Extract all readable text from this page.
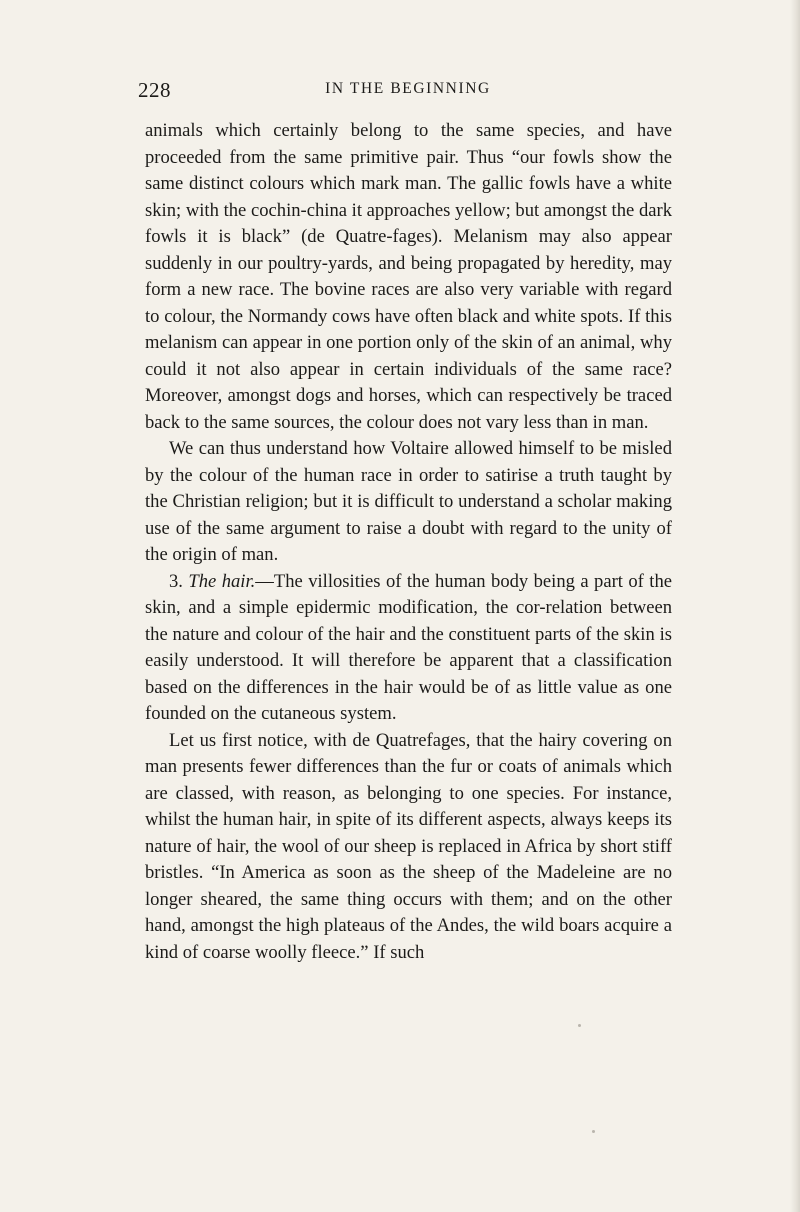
228	IN THE BEGINNING

animals which certainly belong to the same species, and have proceeded from the same primitive pair. Thus “our fowls show the same distinct colours which mark man. The gallic fowls have a white skin; with the cochin-china it approaches yellow; but amongst the dark fowls it is black” (de Quatre-fages). Melanism may also appear suddenly in our poultry-yards, and being propagated by heredity, may form a new race. The bovine races are also very variable with regard to colour, the Normandy cows have often black and white spots. If this melanism can appear in one portion only of the skin of an animal, why could it not also appear in certain individuals of the same race? Moreover, amongst dogs and horses, which can respectively be traced back to the same sources, the colour does not vary less than in man.

We can thus understand how Voltaire allowed himself to be misled by the colour of the human race in order to satirise a truth taught by the Christian religion; but it is difficult to understand a scholar making use of the same argument to raise a doubt with regard to the unity of the origin of man.

3. The hair.—The villosities of the human body being a part of the skin, and a simple epidermic modification, the cor-relation between the nature and colour of the hair and the constituent parts of the skin is easily understood. It will therefore be apparent that a classification based on the differences in the hair would be of as little value as one founded on the cutaneous system.

Let us first notice, with de Quatrefages, that the hairy covering on man presents fewer differences than the fur or coats of animals which are classed, with reason, as belonging to one species. For instance, whilst the human hair, in spite of its different aspects, always keeps its nature of hair, the wool of our sheep is replaced in Africa by short stiff bristles. “In America as soon as the sheep of the Madeleine are no longer sheared, the same thing occurs with them; and on the other hand, amongst the high plateaus of the Andes, the wild boars acquire a kind of coarse woolly fleece.” If such
